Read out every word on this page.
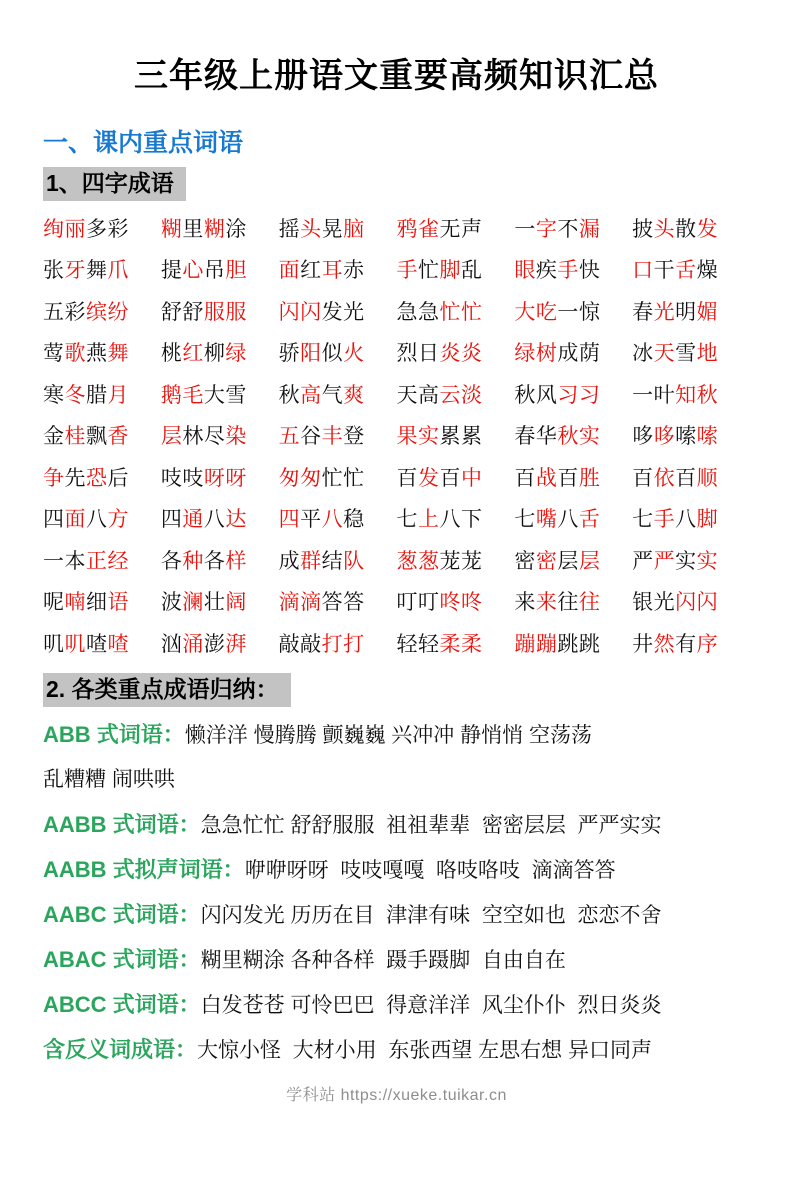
三年级上册语文重要高频知识汇总
一、课内重点词语
1、四字成语
绚丽多彩	糊里糊涂	摇头晃脑	鸦雀无声	一字不漏	披头散发
张牙舞爪	提心吊胆	面红耳赤	手忙脚乱	眼疾手快	口干舌燥
五彩缤纷	舒舒服服	闪闪发光	急急忙忙	大吃一惊	春光明媚
莺歌燕舞	桃红柳绿	骄阳似火	烈日炎炎	绿树成荫	冰天雪地
寒冬腊月	鹅毛大雪	秋高气爽	天高云淡	秋风习习	一叶知秋
金桂飘香	层林尽染	五谷丰登	果实累累	春华秋实	哆哆嗦嗦
争先恐后	吱吱呀呀	匆匆忙忙	百发百中	百战百胜	百依百顺
四面八方	四通八达	四平八稳	七上八下	七嘴八舌	七手八脚
一本正经	各种各样	成群结队	葱葱茏茏	密密层层	严严实实
呢喃细语	波澜壮阔	滴滴答答	叮叮咚咚	来来往往	银光闪闪
叽叽喳喳	汹涌澎湃	敲敲打打	轻轻柔柔	蹦蹦跳跳	井然有序
2. 各类重点成语归纳：
ABB 式词语：懒洋洋 慢腾腾 颤巍巍 兴冲冲 静悄悄 空荡荡
乱糟糟 闹哄哄
AABB 式词语：急急忙忙 舒舒服服  祖祖辈辈  密密层层  严严实实
AABB 式拟声词语：咿咿呀呀  吱吱嘎嘎  咯吱咯吱  滴滴答答
AABC 式词语：闪闪发光 历历在目  津津有味  空空如也  恋恋不舍
ABAC 式词语：糊里糊涂 各种各样  蹑手蹑脚  自由自在
ABCC 式词语：白发苍苍 可怜巴巴  得意洋洋  风尘仆仆  烈日炎炎
含反义词成语：大惊小怪  大材小用  东张西望 左思右想 异口同声
学科站 https://xueke.tuikar.cn
